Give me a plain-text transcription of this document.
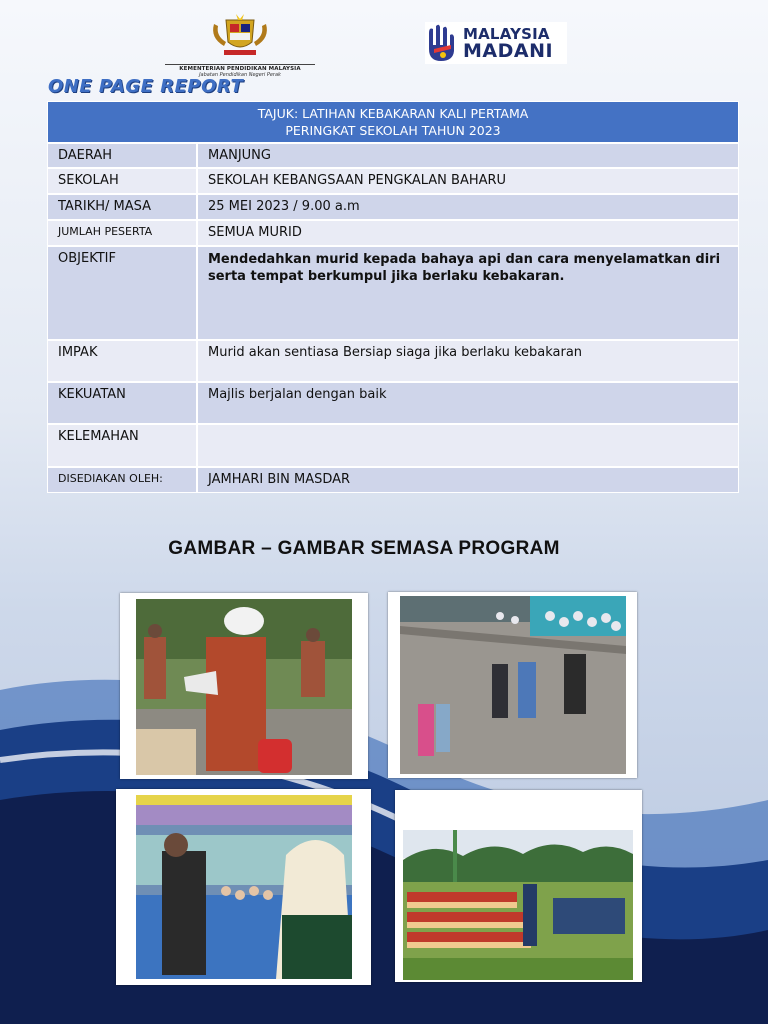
KEMENTERIAN PENDIDIKAN MALAYSIA
Jabatan Pendidikan Negeri Perak
MALAYSIA
MADANI
ONE PAGE REPORT
TAJUK: LATIHAN KEBAKARAN KALI PERTAMA
PERINGKAT SEKOLAH TAHUN 2023
DAERAH	MANJUNG
SEKOLAH	SEKOLAH KEBANGSAAN PENGKALAN BAHARU
TARIKH/ MASA	25 MEI 2023 / 9.00 a.m
JUMLAH PESERTA	SEMUA MURID
OBJEKTIF	Mendedahkan murid kepada bahaya api dan cara menyelamatkan diri serta tempat berkumpul jika berlaku kebakaran.
IMPAK	Murid akan sentiasa Bersiap siaga jika berlaku kebakaran
KEKUATAN	Majlis berjalan dengan baik
KELEMAHAN
DISEDIAKAN OLEH:	JAMHARI BIN MASDAR
GAMBAR – GAMBAR SEMASA PROGRAM
